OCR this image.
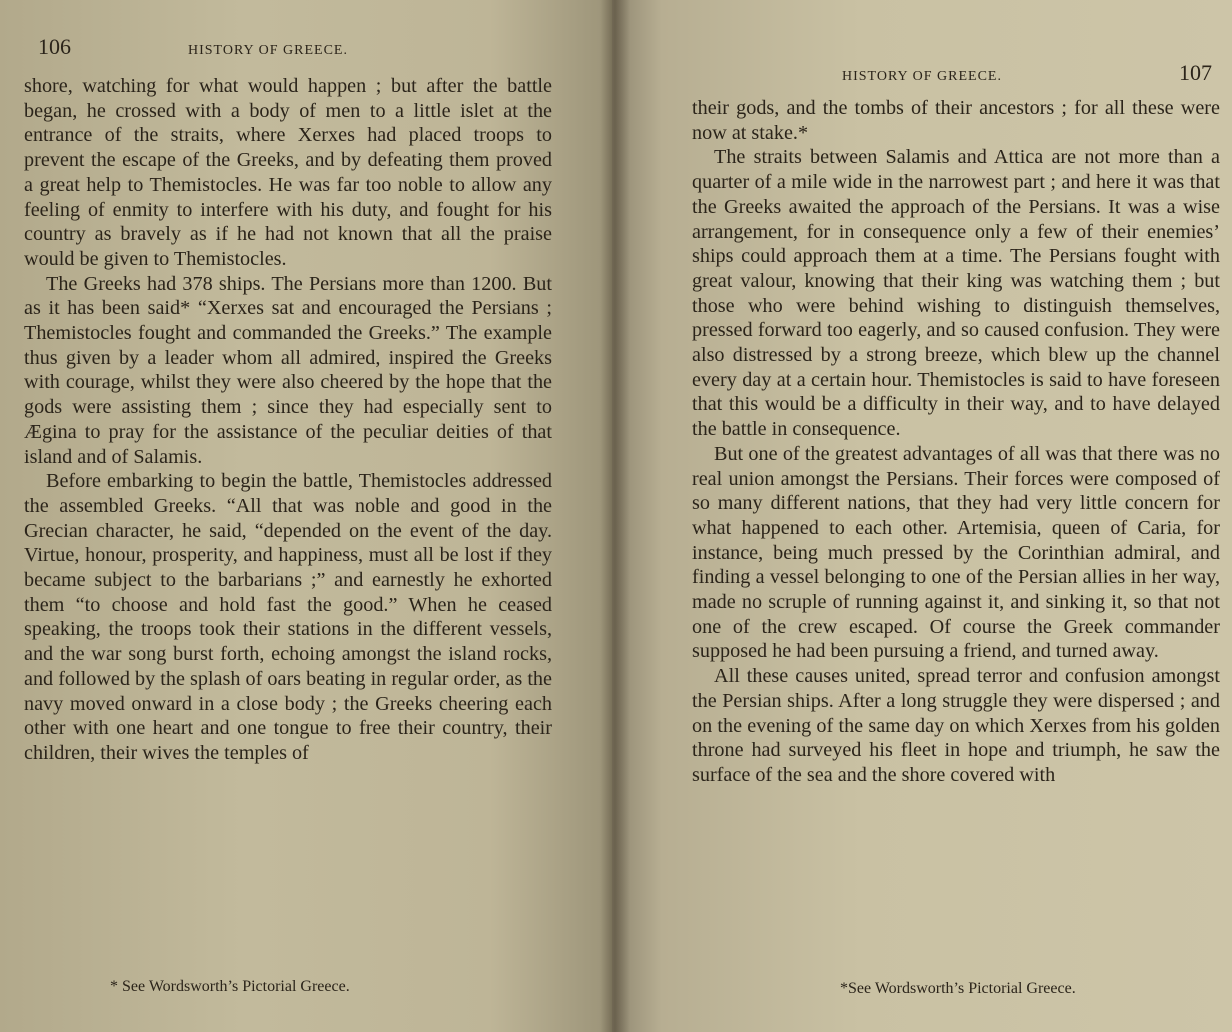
106	HISTORY OF GREECE.

shore, watching for what would happen ; but after the battle began, he crossed with a body of men to a little islet at the entrance of the straits, where Xerxes had placed troops to prevent the escape of the Greeks, and by defeating them proved a great help to Themistocles. He was far too noble to allow any feeling of enmity to interfere with his duty, and fought for his country as bravely as if he had not known that all the praise would be given to Themistocles.

The Greeks had 378 ships. The Persians more than 1200. But as it has been said* “Xerxes sat and encouraged the Persians ; Themistocles fought and commanded the Greeks.” The example thus given by a leader whom all admired, inspired the Greeks with courage, whilst they were also cheered by the hope that the gods were assisting them ; since they had especially sent to Ægina to pray for the assistance of the peculiar deities of that island and of Salamis.

Before embarking to begin the battle, Themistocles addressed the assembled Greeks. “All that was noble and good in the Grecian character, he said, “depended on the event of the day. Virtue, honour, prosperity, and happiness, must all be lost if they became subject to the barbarians ;” and earnestly he exhorted them “to choose and hold fast the good.” When he ceased speaking, the troops took their stations in the different vessels, and the war song burst forth, echoing amongst the island rocks, and followed by the splash of oars beating in regular order, as the navy moved onward in a close body ; the Greeks cheering each other with one heart and one tongue to free their country, their children, their wives the temples of

* See Wordsworth’s Pictorial Greece.
HISTORY OF GREECE.	107

their gods, and the tombs of their ancestors ; for all these were now at stake.*

The straits between Salamis and Attica are not more than a quarter of a mile wide in the narrowest part ; and here it was that the Greeks awaited the approach of the Persians. It was a wise arrangement, for in consequence only a few of their enemies’ ships could approach them at a time. The Persians fought with great valour, knowing that their king was watching them ; but those who were behind wishing to distinguish themselves, pressed forward too eagerly, and so caused confusion. They were also distressed by a strong breeze, which blew up the channel every day at a certain hour. Themistocles is said to have foreseen that this would be a difficulty in their way, and to have delayed the battle in consequence.

But one of the greatest advantages of all was that there was no real union amongst the Persians. Their forces were composed of so many different nations, that they had very little concern for what happened to each other. Artemisia, queen of Caria, for instance, being much pressed by the Corinthian admiral, and finding a vessel belonging to one of the Persian allies in her way, made no scruple of running against it, and sinking it, so that not one of the crew escaped. Of course the Greek commander supposed he had been pursuing a friend, and turned away.

All these causes united, spread terror and confusion amongst the Persian ships. After a long struggle they were dispersed ; and on the evening of the same day on which Xerxes from his golden throne had surveyed his fleet in hope and triumph, he saw the surface of the sea and the shore covered with

*See Wordsworth’s Pictorial Greece.
